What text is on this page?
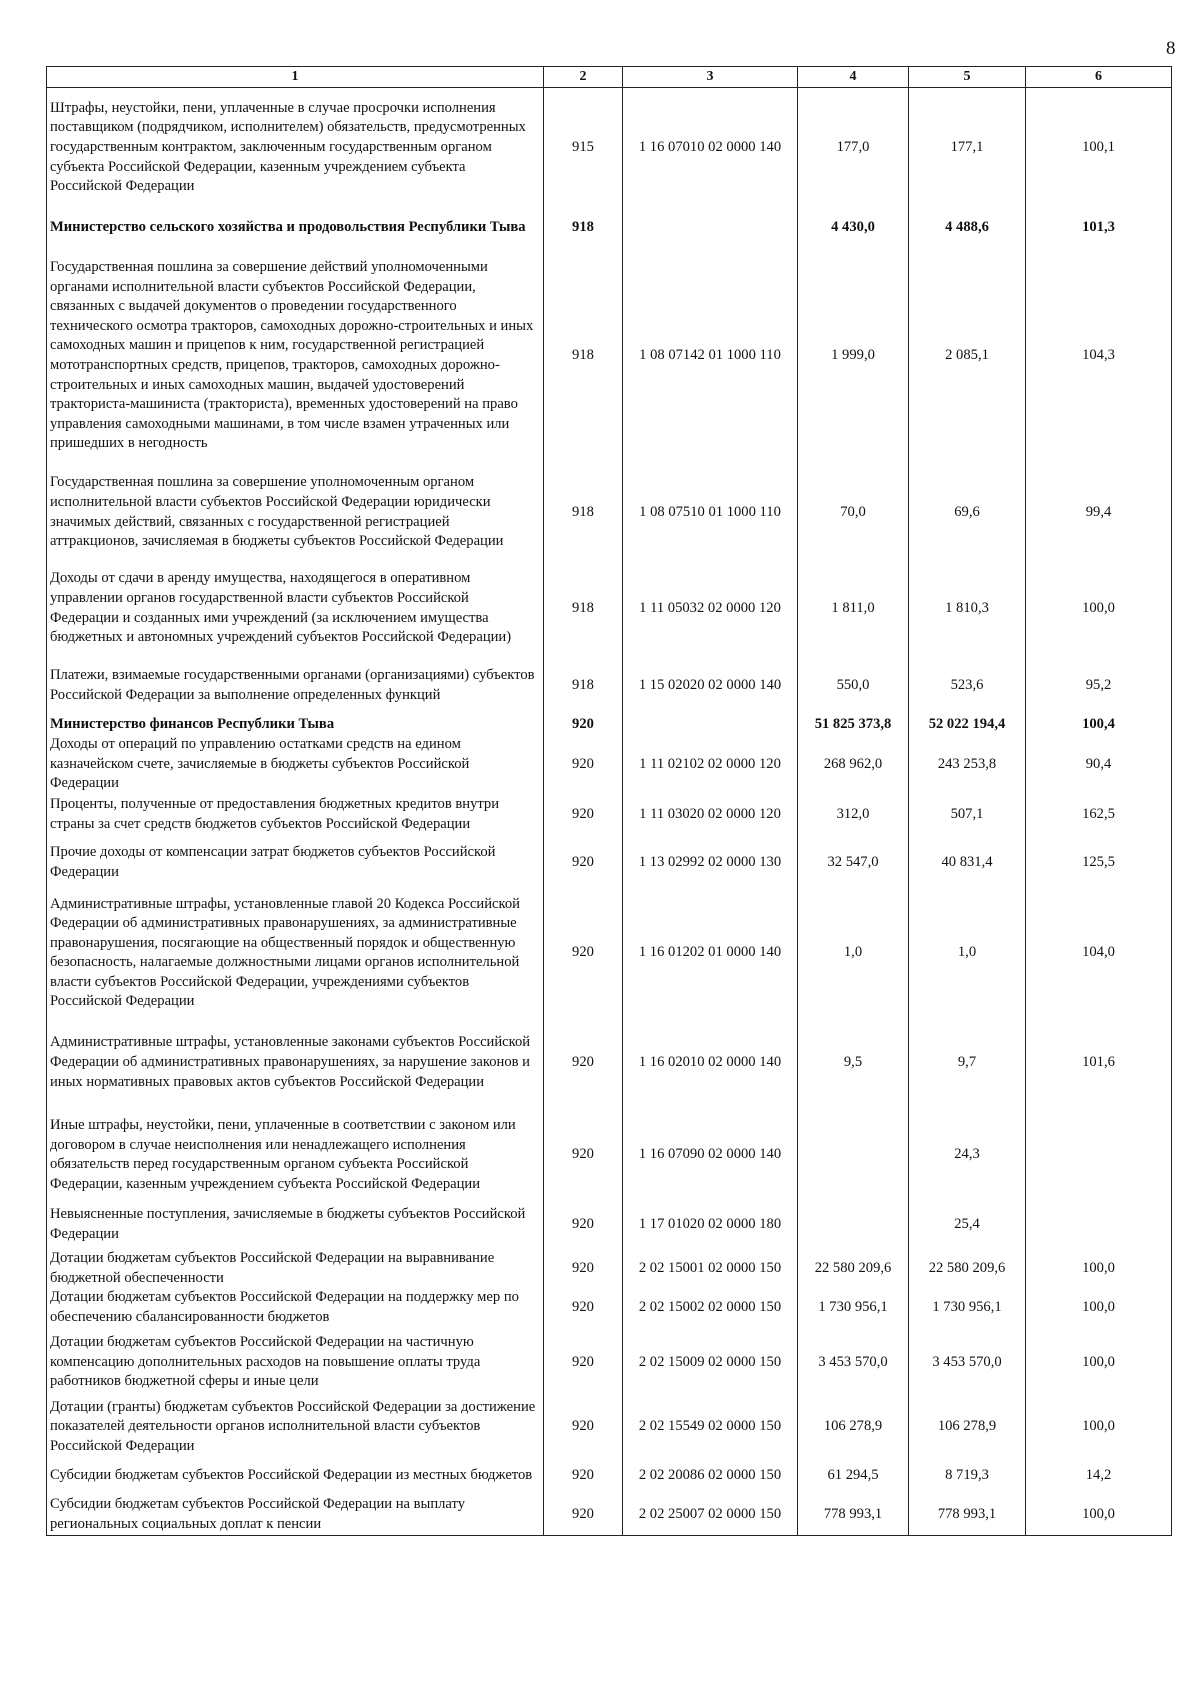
8
1	2	3	4	5	6
Штрафы, неустойки, пени, уплаченные в случае просрочки исполнения поставщиком (подрядчиком, исполнителем) обязательств, предусмотренных государственным контрактом, заключенным государственным органом субъекта Российской Федерации, казенным учреждением субъекта Российской Федерации	915	1 16 07010 02 0000 140	177,0	177,1	100,1
Министерство сельского хозяйства и продовольствия Республики Тыва	918		4 430,0	4 488,6	101,3
Государственная пошлина за совершение действий уполномоченными органами исполнительной власти субъектов Российской Федерации, связанных с выдачей документов о проведении государственного технического осмотра тракторов, самоходных дорожно-строительных и иных самоходных машин и прицепов к ним, государственной регистрацией мототранспортных средств, прицепов, тракторов, самоходных дорожно-строительных и иных самоходных машин, выдачей удостоверений тракториста-машиниста (тракториста), временных удостоверений на право управления самоходными машинами, в том числе взамен утраченных или пришедших в негодность	918	1 08 07142 01 1000 110	1 999,0	2 085,1	104,3
Государственная пошлина за совершение уполномоченным органом исполнительной власти субъектов Российской Федерации юридически значимых действий, связанных с государственной регистрацией аттракционов, зачисляемая в бюджеты субъектов Российской Федерации	918	1 08 07510 01 1000 110	70,0	69,6	99,4
Доходы от сдачи в аренду имущества, находящегося в оперативном управлении органов государственной власти субъектов Российской Федерации и созданных ими учреждений (за исключением имущества бюджетных и автономных учреждений субъектов Российской Федерации)	918	1 11 05032 02 0000 120	1 811,0	1 810,3	100,0
Платежи, взимаемые государственными органами (организациями) субъектов Российской Федерации за выполнение определенных функций	918	1 15 02020 02 0000 140	550,0	523,6	95,2
Министерство финансов Республики Тыва	920		51 825 373,8	52 022 194,4	100,4
Доходы от операций по управлению остатками средств на едином казначейском счете, зачисляемые в бюджеты субъектов Российской Федерации	920	1 11 02102 02 0000 120	268 962,0	243 253,8	90,4
Проценты, полученные от предоставления бюджетных кредитов внутри страны за счет средств бюджетов субъектов Российской Федерации	920	1 11 03020 02 0000 120	312,0	507,1	162,5
Прочие доходы от компенсации затрат бюджетов субъектов Российской Федерации	920	1 13 02992 02 0000 130	32 547,0	40 831,4	125,5
Административные штрафы, установленные главой 20 Кодекса Российской Федерации об административных правонарушениях, за административные правонарушения, посягающие на общественный порядок и общественную безопасность, налагаемые должностными лицами органов исполнительной власти субъектов Российской Федерации, учреждениями субъектов Российской Федерации	920	1 16 01202 01 0000 140	1,0	1,0	104,0
Административные штрафы, установленные законами субъектов Российской Федерации об административных правонарушениях, за нарушение законов и иных нормативных правовых актов субъектов Российской Федерации	920	1 16 02010 02 0000 140	9,5	9,7	101,6
Иные штрафы, неустойки, пени, уплаченные в соответствии с законом или договором в случае неисполнения или ненадлежащего исполнения обязательств перед государственным органом субъекта Российской Федерации, казенным учреждением субъекта Российской Федерации	920	1 16 07090 02 0000 140		24,3	
Невыясненные поступления, зачисляемые в бюджеты субъектов Российской Федерации	920	1 17 01020 02 0000 180		25,4	
Дотации бюджетам субъектов Российской Федерации на выравнивание бюджетной обеспеченности	920	2 02 15001 02 0000 150	22 580 209,6	22 580 209,6	100,0
Дотации бюджетам субъектов Российской Федерации на поддержку мер по обеспечению сбалансированности бюджетов	920	2 02 15002 02 0000 150	1 730 956,1	1 730 956,1	100,0
Дотации бюджетам субъектов Российской Федерации на частичную компенсацию дополнительных расходов на повышение оплаты труда работников бюджетной сферы и иные цели	920	2 02 15009 02 0000 150	3 453 570,0	3 453 570,0	100,0
Дотации (гранты) бюджетам субъектов Российской Федерации за достижение показателей деятельности органов исполнительной власти субъектов Российской Федерации	920	2 02 15549 02 0000 150	106 278,9	106 278,9	100,0
Субсидии бюджетам субъектов Российской Федерации из местных бюджетов	920	2 02 20086 02 0000 150	61 294,5	8 719,3	14,2
Субсидии бюджетам субъектов Российской Федерации на выплату региональных социальных доплат к пенсии	920	2 02 25007 02 0000 150	778 993,1	778 993,1	100,0
